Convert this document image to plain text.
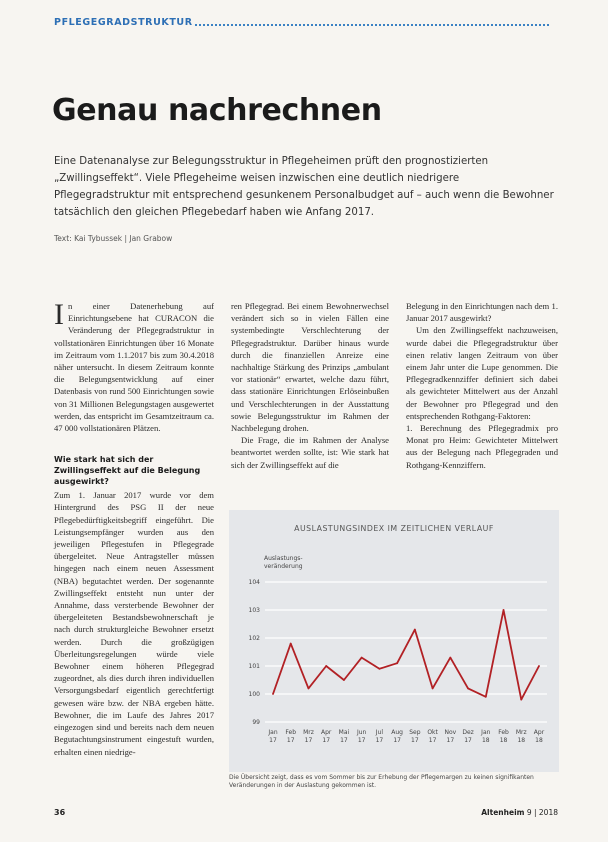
PFLEGEGRADSTRUKTUR
Genau nachrechnen

Eine Datenanalyse zur Belegungsstruktur in Pflegeheimen prüft den prognostizierten „Zwillingseffekt“. Viele Pflegeheime weisen inzwischen eine deutlich niedrigere Pflegegradstruktur mit entsprechend gesunkenem Personalbudget auf – auch wenn die Bewohner tatsächlich den gleichen Pflegebedarf haben wie Anfang 2017.

Text: Kai Tybussek | Jan Grabow

In einer Datenerhebung auf Einrichtungsebene hat CURACON die Veränderung der Pflegegradstruktur in vollstationären Einrichtungen über 16 Monate im Zeitraum vom 1.1.2017 bis zum 30.4.2018 näher untersucht. In diesem Zeitraum konnte die Belegungsentwicklung auf einer Datenbasis von rund 500 Einrichtungen sowie von 31 Millionen Belegungstagen ausgewertet werden, das entspricht im Gesamtzeitraum ca. 47 000 vollstationären Plätzen.

Wie stark hat sich der Zwillingseffekt auf die Belegung ausgewirkt?

Zum 1. Januar 2017 wurde vor dem Hintergrund des PSG II der neue Pflegebedürftigkeitsbegriff eingeführt. Die Leistungsempfänger wurden aus den jeweiligen Pflegestufen in Pflegegrade übergeleitet. Neue Antragsteller müssen hingegen nach einem neuen Assessment (NBA) begutachtet werden. Der sogenannte Zwillingseffekt entsteht nun unter der Annahme, dass versterbende Bewohner der übergeleiteten Bestandsbewohnerschaft je nach durch strukturgleiche Bewohner ersetzt werden. Durch die großzügigen Überleitungsregelungen würde viele Bewohner einem höheren Pflegegrad zugeordnet, als dies durch ihren individuellen Versorgungsbedarf eigentlich gerechtfertigt gewesen wäre bzw. der NBA ergeben hätte. Bewohner, die im Laufe des Jahres 2017 eingezogen sind und bereits nach dem neuen Begutachtungsinstrument eingestuft wurden, erhalten einen niedrige-

ren Pflegegrad. Bei einem Bewohnerwechsel verändert sich so in vielen Fällen eine systembedingte Verschlechterung der Pflegegradstruktur. Darüber hinaus wurde durch die finanziellen Anreize eine nachhaltige Stärkung des Prinzips „ambulant vor stationär“ erwartet, welche dazu führt, dass stationäre Einrichtungen Erlöseinbußen und Verschlechterungen in der Ausstattung sowie Belegungsstruktur im Rahmen der Nachbelegung drohen.

Die Frage, die im Rahmen der Analyse beantwortet werden sollte, ist: Wie stark hat sich der Zwillingseffekt auf die

Belegung in den Einrichtungen nach dem 1. Januar 2017 ausgewirkt?

Um den Zwillingseffekt nachzuweisen, wurde dabei die Pflegegradstruktur über einen relativ langen Zeitraum von über einem Jahr unter die Lupe genommen. Die Pflegegradkennziffer definiert sich dabei als gewichteter Mittelwert aus der Anzahl der Bewohner pro Pflegegrad und den entsprechenden Rothgang-Faktoren:

1. Berechnung des Pflegegradmix pro Monat pro Heim: Gewichteter Mittelwert aus der Belegung nach Pflegegraden und Rothgang-Kennziffern.

AUSLASTUNGSINDEX IM ZEITLICHEN VERLAUF
Auslastungs-
veränderung
99
100
101
102
103
104
Jan
17
Feb
17
Mrz
17
Apr
17
Mai
17
Jun
17
Jul
17
Aug
17
Sep
17
Okt
17
Nov
17
Dez
17
Jan
18
Feb
18
Mrz
18
Apr
18
Die Übersicht zeigt, dass es vom Sommer bis zur Erhebung der Pflegemargen zu keinen signifikanten Veränderungen in der Auslastung gekommen ist.
36	Altenheim 9 | 2018
